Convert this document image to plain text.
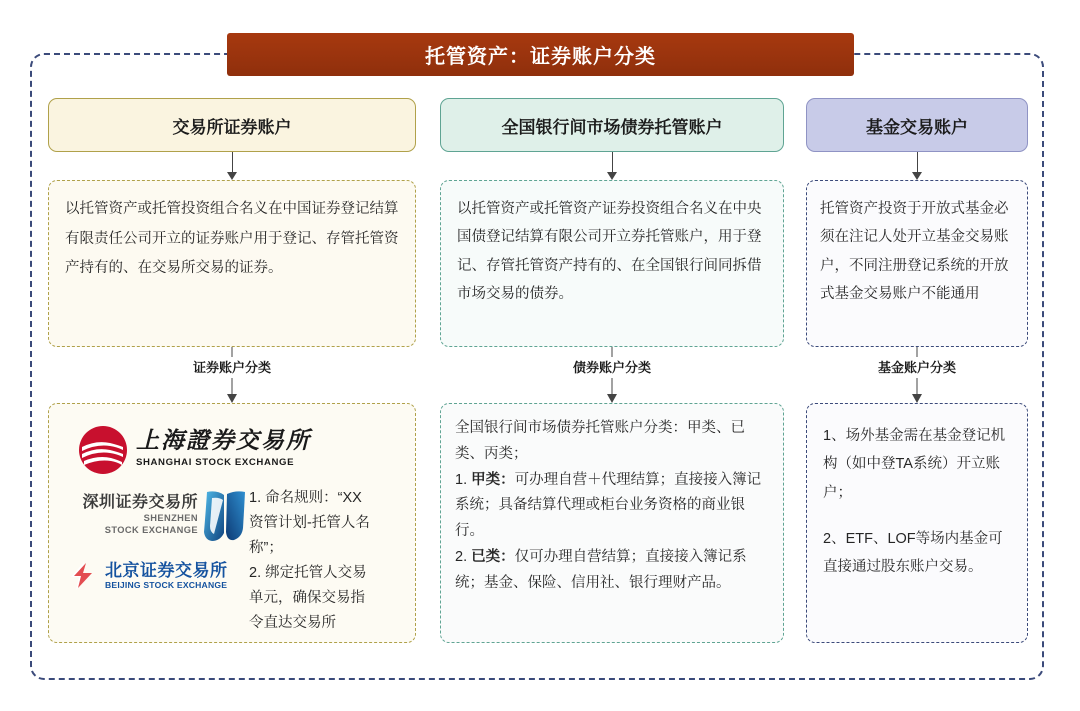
托管资产：证券账户分类
交易所证券账户
以托管资产或托管投资组合名义在中国证券登记结算有限责任公司开立的证券账户用于登记、存管托管资产持有的、在交易所交易的证券。
证券账户分类
上海證券交易所
SHANGHAI STOCK EXCHANGE
深圳证券交易所
SHENZHEN
STOCK EXCHANGE
北京证券交易所
BEIJING STOCK EXCHANGE
1. 命名规则：“XX
资管计划-托管人名
称”；
2. 绑定托管人交易
单元，确保交易指
令直达交易所
全国银行间市场债券托管账户
以托管资产或托管资产证券投资组合名义在中央国债登记结算有限公司开立券托管账户，用于登记、存管托管资产持有的、在全国银行间同拆借市场交易的债券。
债券账户分类
全国银行间市场债券托管账户分类：甲类、已类、丙类；
1. 甲类：可办理自营＋代理结算；直接接入簿记系统；具备结算代理或柜台业务资格的商业银行。
2. 已类：仅可办理自营结算；直接接入簿记系统；基金、保险、信用社、银行理财产品。
基金交易账户
托管资产投资于开放式基金必须在注记人处开立基金交易账户，不同注册登记系统的开放式基金交易账户不能通用
基金账户分类
1、场外基金需在基金登记机构（如中登TA系统）开立账户；
2、ETF、LOF等场内基金可直接通过股东账户交易。
